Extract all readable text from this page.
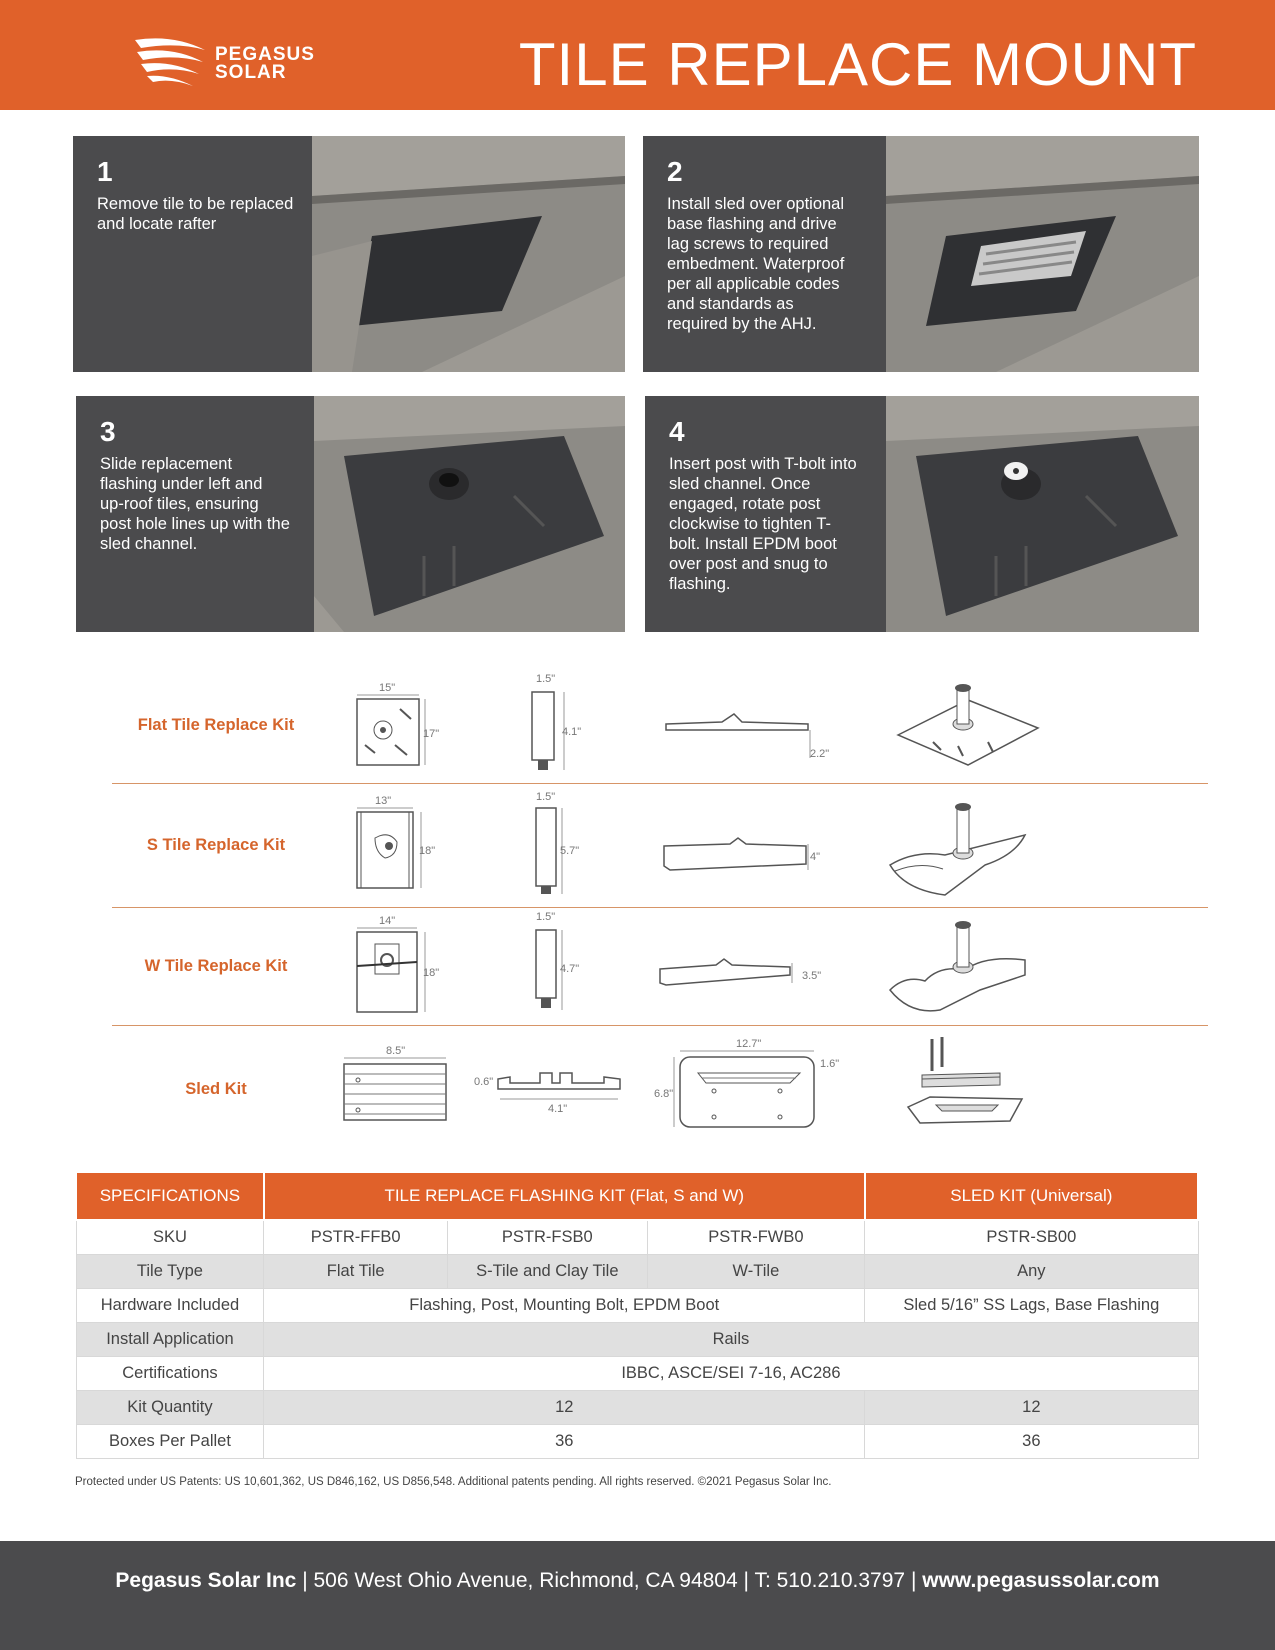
PEGASUS
SOLAR	TILE REPLACE MOUNT
1
Remove tile to be replaced and locate rafter
2
Install sled over optional base flashing and drive lag screws to required embedment. Waterproof per all applicable codes and standards as required by the AHJ.
3
Slide replacement flashing under left and up-roof tiles, ensuring post hole lines up with the sled channel.
4
Insert post with T-bolt into sled channel. Once engaged, rotate post clockwise to tighten T-bolt. Install EPDM boot over post and snug to flashing.
Flat Tile Replace Kit
15"
17"
1.5"
4.1"
2.2"
S Tile Replace Kit
13"
18"
1.5"
5.7"	4"
W Tile Replace Kit
14"
18"
1.5"
4.7"
3.5"
Sled Kit
8.5"
0.6"
4.1"
12.7"
6.8"
1.6"
SPECIFICATIONS	TILE REPLACE FLASHING KIT (Flat, S and W)			SLED KIT (Universal)
SKU	PSTR-FFB0	PSTR-FSB0	PSTR-FWB0	PSTR-SB00
Tile Type	Flat Tile	S-Tile and Clay Tile	W-Tile	Any
Hardware Included	Flashing, Post, Mounting Bolt, EPDM Boot			Sled 5/16” SS Lags, Base Flashing
Install Application	Rails			
Certifications	IBBC, ASCE/SEI 7-16, AC286			
Kit Quantity	12			12
Boxes Per Pallet	36			36
Protected under US Patents: US 10,601,362, US D846,162, US D856,548. Additional patents pending. All rights reserved. ©2021 Pegasus Solar Inc.
Pegasus Solar Inc | 506 West Ohio Avenue, Richmond, CA 94804 | T: 510.210.3797 | www.pegasussolar.com
